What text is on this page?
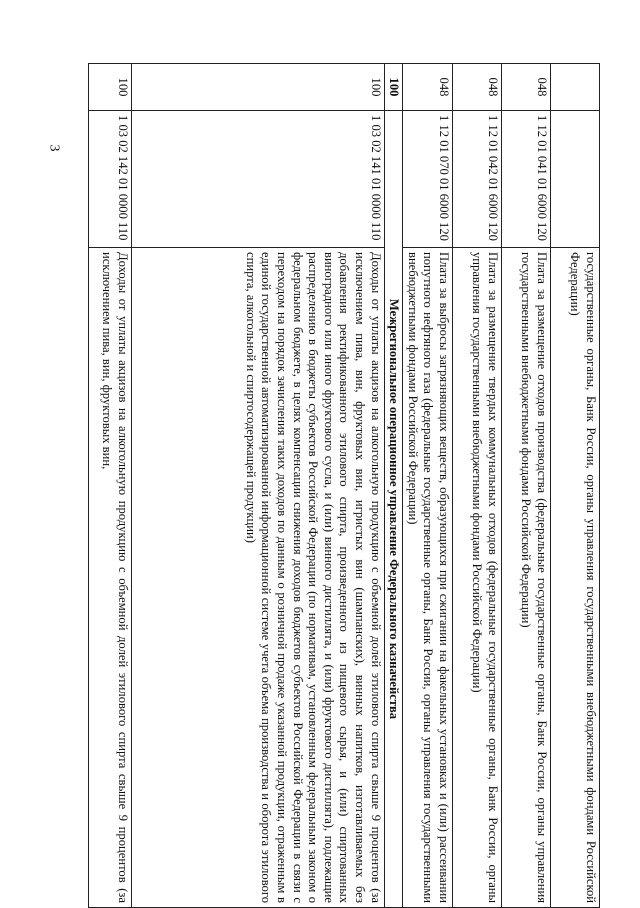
3
		государственные органы, Банк России, органы управления государственными внебюджетными фондами Российской Федерации)
048	1 12 01 041 01 6000 120	Плата за размещение отходов производства (федеральные государственные органы, Банк России, органы управления государственными внебюджетными фондами Российской Федерации)
048	1 12 01 042 01 6000 120	Плата за размещение твердых коммунальных отходов (федеральные государственные органы, Банк России, органы управления государственными внебюджетными фондами Российской Федерации)
048	1 12 01 070 01 6000 120	Плата за выбросы загрязняющих веществ, образующихся при сжигании на факельных установках и (или) рассеивании попутного нефтяного газа (федеральные государственные органы, Банк России, органы управления государственными внебюджетными фондами Российской Федерации)
100	Межрегиональное операционное управление Федерального казначейства	
100	1 03 02 141 01 0000 110	Доходы от уплаты акцизов на алкогольную продукцию с объемной долей этилового спирта свыше 9 процентов (за исключением пива, вин, фруктовых вин, игристых вин (шампанских), винных напитков, изготавливаемых без добавления ректификованного этилового спирта, произведенного из пищевого сырья, и (или) спиртованных виноградного или иного фруктового сусла, и (или) винного дистиллята, и (или) фруктового дистиллята), подлежащие распределению в бюджеты субъектов Российской Федерации (по нормативам, установленным федеральным законом о федеральном бюджете, в целях компенсации снижения доходов бюджетов субъектов Российской Федерации в связи с переходом на порядок зачисления таких доходов по данным о розничной продаже указанной продукции, отраженным в единой государственной автоматизированной информационной системе учета объема производства и оборота этилового спирта, алкогольной и спиртосодержащей продукции)
100	1 03 02 142 01 0000 110	Доходы от уплаты акцизов на алкогольную продукцию с объемной долей этилового спирта свыше 9 процентов (за исключением пива, вин, фруктовых вин,
